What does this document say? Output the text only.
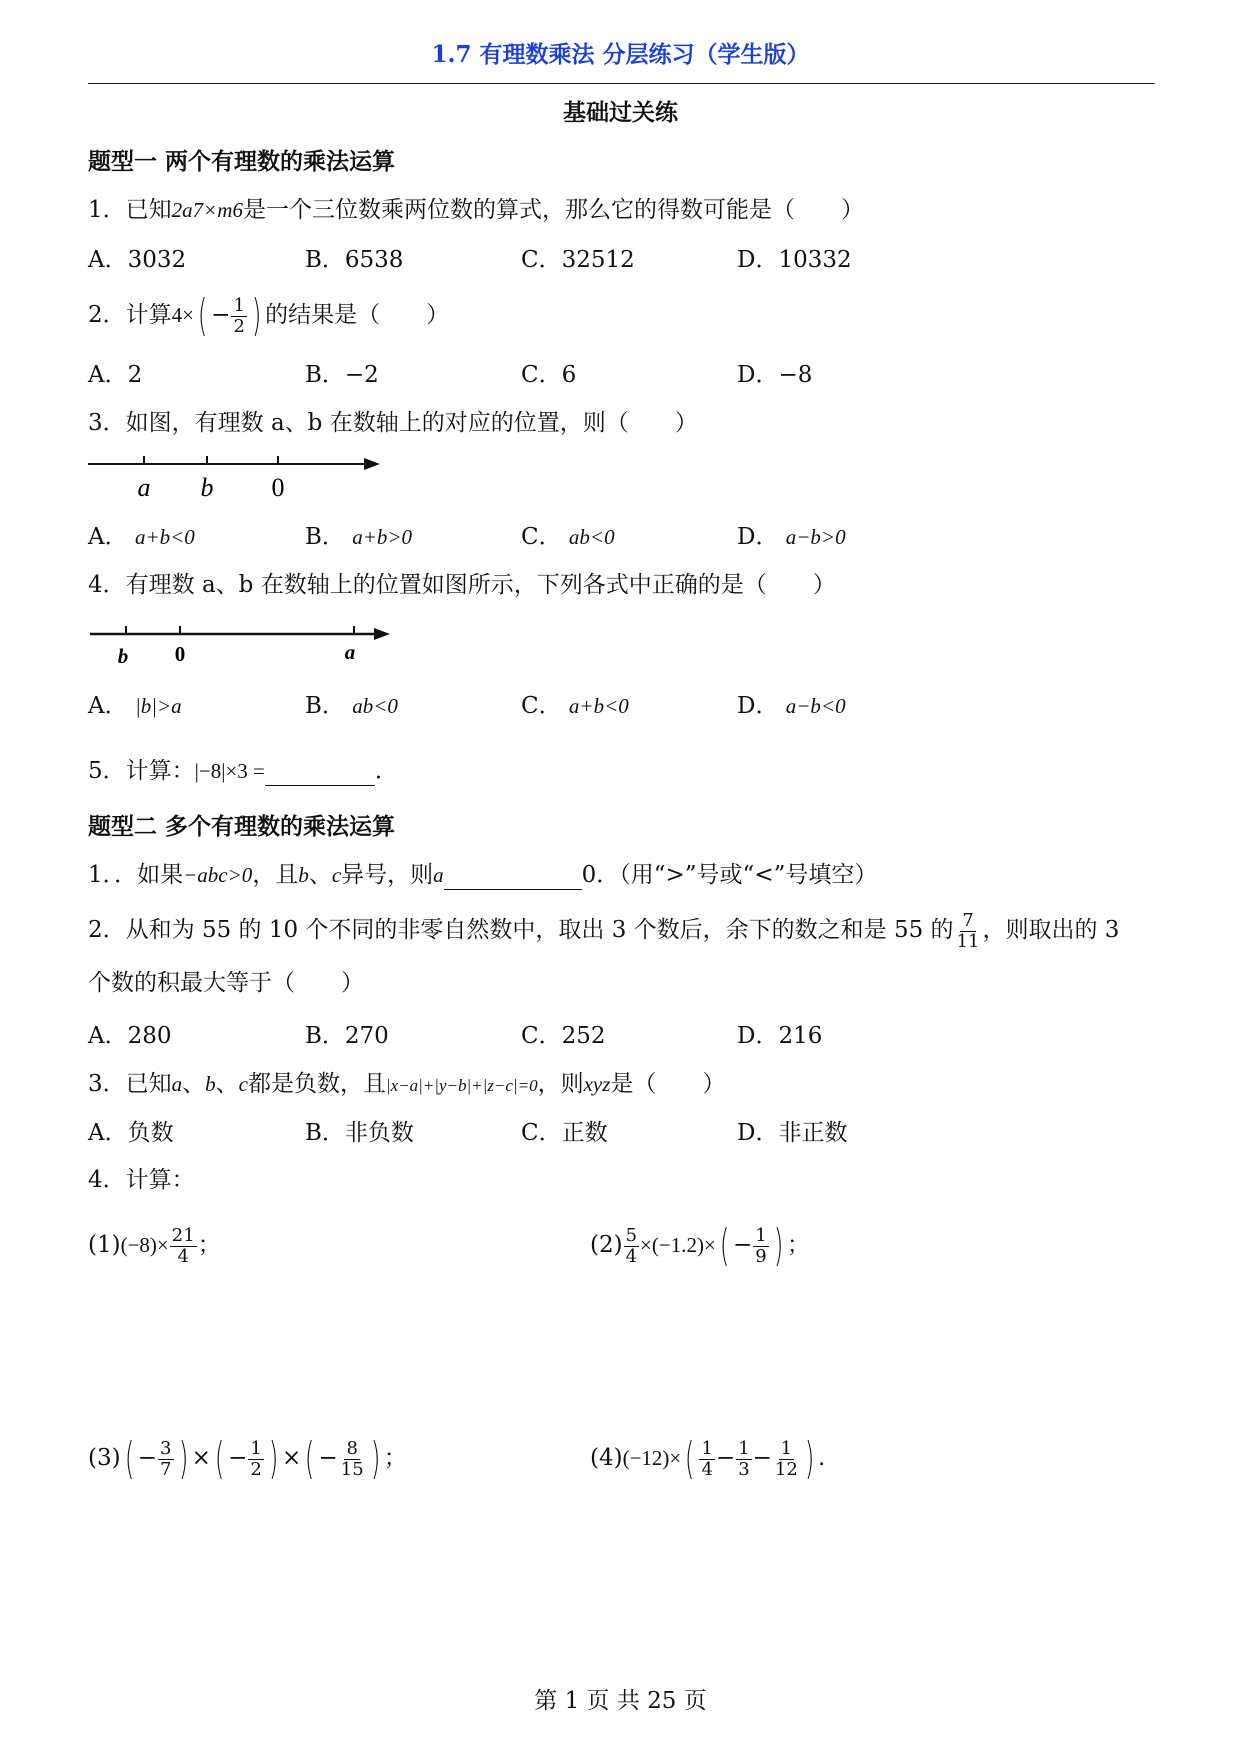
1.7 有理数乘法 分层练习（学生版）
基础过关练
题型一 两个有理数的乘法运算
1．已知2a7×m6是一个三位数乘两位数的算式，那么它的得数可能是（　　）
A．3032	B．6538	C．32512	D．10332
2．计算$4\times( - \frac{1}{2}$ ) 的结果是（　　）
A．2	B．−2	C．6	D．−8
3．如图，有理数 a、b 在数轴上的对应的位置，则（　　）
a b 0
A． a+b<0	B． a+b>0	C． ab<0	D． a−b>0
4．有理数 a、b 在数轴上的位置如图所示，下列各式中正确的是（　　）
b 0	a
A． |b|>a	B． ab<0	C． a+b<0	D． a−b<0
5．计算：|−8|×3 =	．
题型二 多个有理数的乘法运算
1．．如果−abc>0，且b、c异号，则a	0．（用“>”号或“<”号填空）
2．从和为 55 的 10 个不同的非零自然数中，取出 3 个数后，余下的数之和是 55 的 $\frac{7}{11}$ ，则取出的 3
个数的积最大等于（　　）
A．280	B．270	C．252	D．216
3．已知a、b、c都是负数，且|x−a|+|y−b|+|z−c|=0，则xyz是（　　）
A．负数	B．非负数	C．正数	D．非正数
4．计算：
$(1)(-8)\times \frac{21}{4}$ ；	$(2) \frac{5}{4} \times(-1.2)\times( - \frac{1}{9}$ ) ；
$(3)( - \frac{3}{7}$ ) ×( − $\frac{1}{2}$ ) ×( − $\frac{8}{15}$ ) ；	$(4)(-12)\times( \frac{1}{4} - \frac{1}{3} - \frac{1}{12}$ ) .
第 1 页 共 25 页
